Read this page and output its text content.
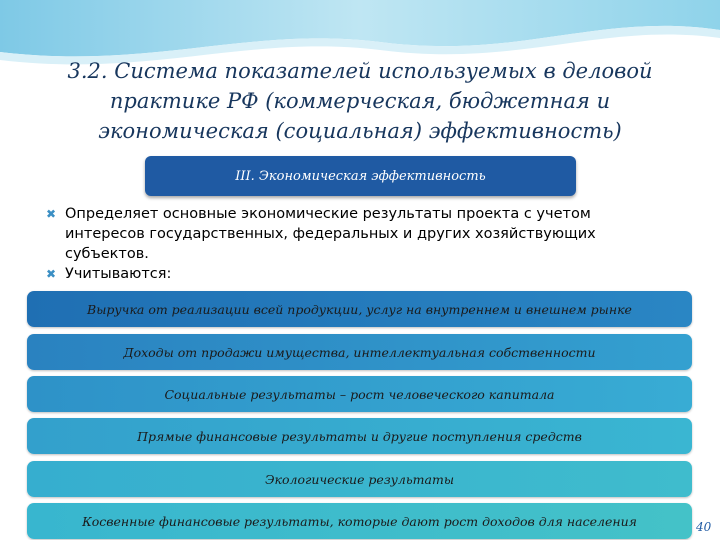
3.2. Система показателей используемых в деловой
практике РФ (коммерческая, бюджетная и
экономическая (социальная) эффективность)
III. Экономическая эффективность
✖ Определяет основные экономические результаты проекта с учетом интересов государственных, федеральных и других хозяйствующих субъектов.
✖ Учитываются:
Выручка от реализации всей продукции, услуг на внутреннем и внешнем рынке
Доходы от продажи имущества, интеллектуальная собственности
Социальные результаты – рост человеческого капитала
Прямые финансовые результаты и другие поступления средств
Экологические результаты
Косвенные финансовые результаты, которые дают рост доходов для населения	40
